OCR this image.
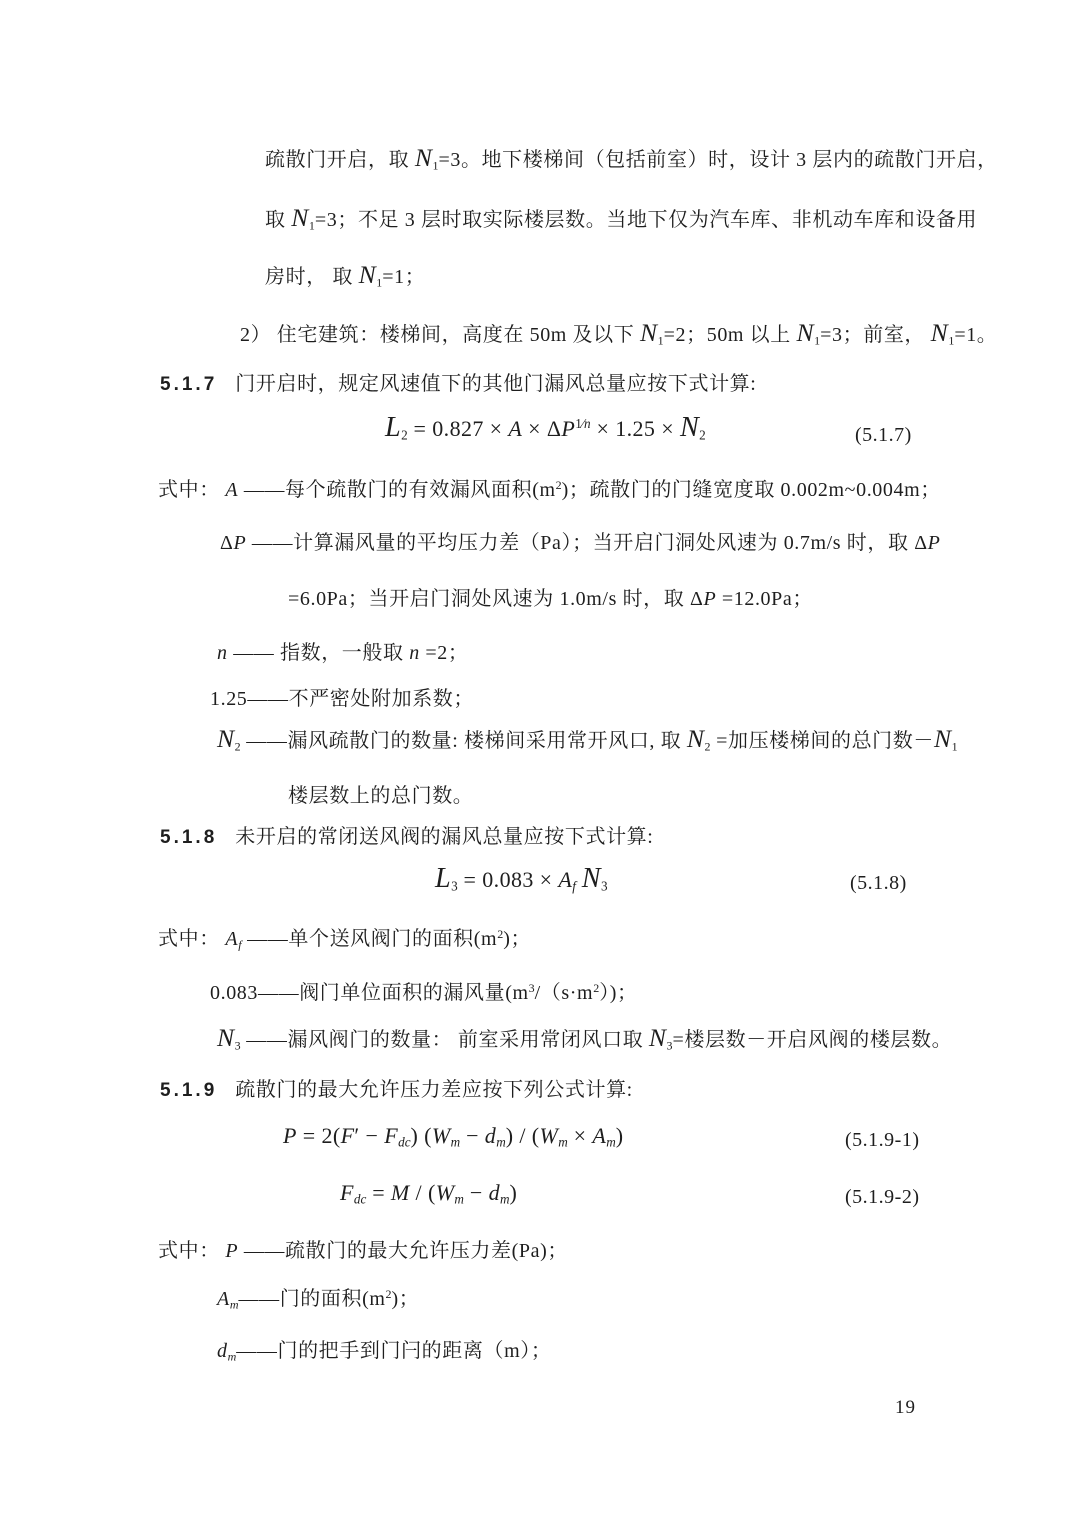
疏散门开启，取 $N_1=3$。地下楼梯间（包括前室）时，设计 3 层内的疏散门开启，
取 $N_1=3$；不足 3 层时取实际楼层数。当地下仅为汽车库、非机动车库和设备用
房时， 取 $N_1=1$；
2） 住宅建筑：楼梯间，高度在 50m 及以下 $N_1=2$；50m 以上 $N_1=3$；前室， $N_1=1$。
5.1.7 门开启时，规定风速值下的其他门漏风总量应按下式计算:
$L_2 = 0.827 \times A \times \Delta P^{1⁄n} \times 1.25 \times N_2$	(5.1.7)
式中： A ——每个疏散门的有效漏风面积$(m^2)$；疏散门的门缝宽度取 0.002m~0.004m；
ΔP ——计算漏风量的平均压力差（Pa）；当开启门洞处风速为 0.7m/s 时，取 ΔP
=6.0Pa；当开启门洞处风速为 1.0m/s 时，取 ΔP =12.0Pa；
n —— 指数，一般取 n =2；
1.25——不严密处附加系数；
$N_2$ ——漏风疏散门的数量: 楼梯间采用常开风口, 取 $N_2$ =加压楼梯间的总门数$-N_1$
楼层数上的总门数。
5.1.8 未开启的常闭送风阀的漏风总量应按下式计算:
$L_3 = 0.083 \times A_f$ $N_3$	(5.1.8)
式中： $A_f$ ——单个送风阀门的面积$(m^2)$；
0.083——阀门单位面积的漏风量$(m^3/(s\cdot m^2))$；
$N_3$ ——漏风阀门的数量： 前室采用常闭风口取 $N_3=$楼层数－开启风阀的楼层数。
5.1.9 疏散门的最大允许压力差应按下列公式计算:
$P = 2(F' - F_{dc})$ $(W_m - d_m) / (W_m \times A_m)$	(5.1.9-1)
$F_{dc} = M / (W_m - d_m)$	(5.1.9-2)
式中： P ——疏散门的最大允许压力差(Pa)；
$A_m——$门的面积$(m^2)$；
$d_m——$门的把手到门闩的距离（m）；
19
